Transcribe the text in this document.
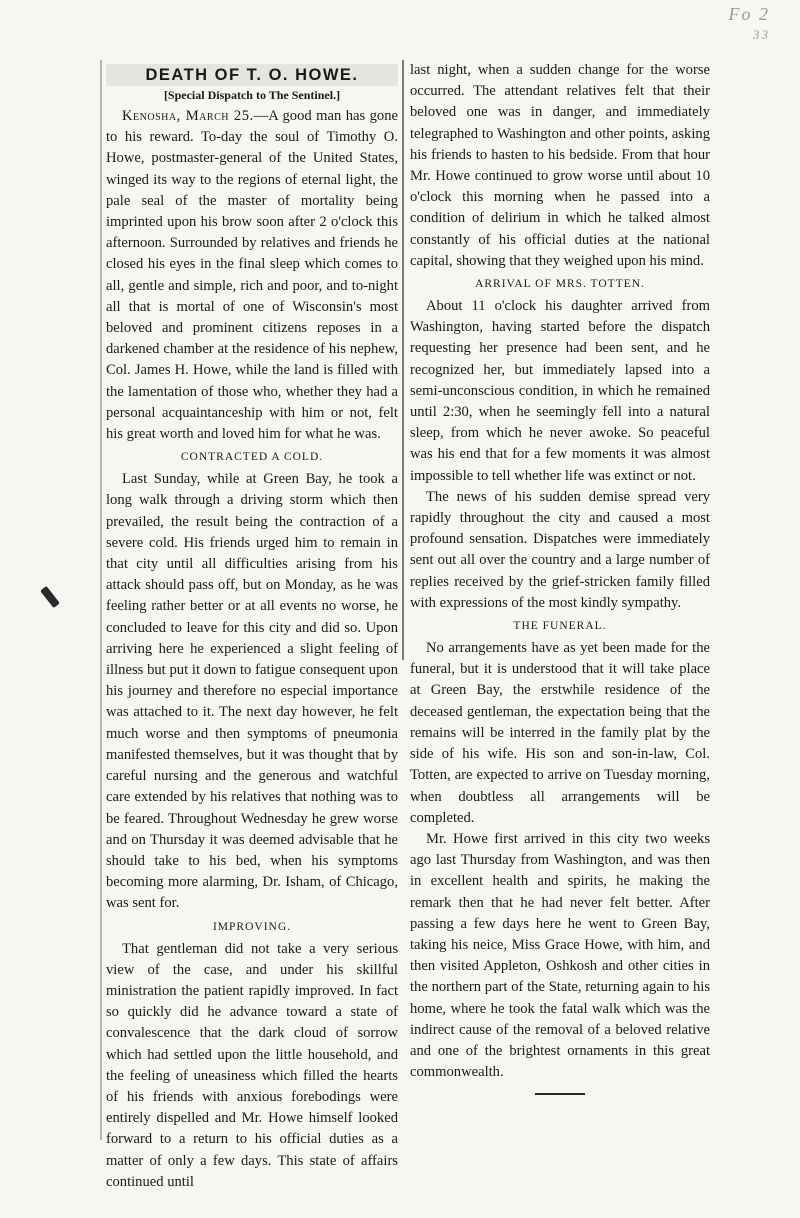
Fo 2
33
DEATH OF T. O. HOWE.
[Special Dispatch to The Sentinel.]

Kenosha, March 25.—A good man has gone to his reward. To-day the soul of Timothy O. Howe, postmaster-general of the United States, winged its way to the regions of eternal light, the pale seal of the master of mortality being imprinted upon his brow soon after 2 o'clock this afternoon. Surrounded by relatives and friends he closed his eyes in the final sleep which comes to all, gentle and simple, rich and poor, and to-night all that is mortal of one of Wisconsin's most beloved and prominent citizens reposes in a darkened chamber at the residence of his nephew, Col. James H. Howe, while the land is filled with the lamentation of those who, whether they had a personal acquaintanceship with him or not, felt his great worth and loved him for what he was.

CONTRACTED A COLD.

Last Sunday, while at Green Bay, he took a long walk through a driving storm which then prevailed, the result being the contraction of a severe cold. His friends urged him to remain in that city until all difficulties arising from his attack should pass off, but on Monday, as he was feeling rather better or at all events no worse, he concluded to leave for this city and did so. Upon arriving here he experienced a slight feeling of illness but put it down to fatigue consequent upon his journey and therefore no especial importance was attached to it. The next day however, he felt much worse and then symptoms of pneumonia manifested themselves, but it was thought that by careful nursing and the generous and watchful care extended by his relatives that nothing was to be feared. Throughout Wednesday he grew worse and on Thursday it was deemed advisable that he should take to his bed, when his symptoms becoming more alarming, Dr. Isham, of Chicago, was sent for.

IMPROVING.

That gentleman did not take a very serious view of the case, and under his skillful ministration the patient rapidly improved. In fact so quickly did he advance toward a state of convalescence that the dark cloud of sorrow which had settled upon the little household, and the feeling of uneasiness which filled the hearts of his friends with anxious forebodings were entirely dispelled and Mr. Howe himself looked forward to a return to his official duties as a matter of only a few days. This state of affairs continued until

last night, when a sudden change for the worse occurred. The attendant relatives felt that their beloved one was in danger, and immediately telegraphed to Washington and other points, asking his friends to hasten to his bedside. From that hour Mr. Howe continued to grow worse until about 10 o'clock this morning when he passed into a condition of delirium in which he talked almost constantly of his official duties at the national capital, showing that they weighed upon his mind.

ARRIVAL OF MRS. TOTTEN.

About 11 o'clock his daughter arrived from Washington, having started before the dispatch requesting her presence had been sent, and he recognized her, but immediately lapsed into a semi-unconscious condition, in which he remained until 2:30, when he seemingly fell into a natural sleep, from which he never awoke. So peaceful was his end that for a few moments it was almost impossible to tell whether life was extinct or not.

The news of his sudden demise spread very rapidly throughout the city and caused a most profound sensation. Dispatches were immediately sent out all over the country and a large number of replies received by the grief-stricken family filled with expressions of the most kindly sympathy.

THE FUNERAL.

No arrangements have as yet been made for the funeral, but it is understood that it will take place at Green Bay, the erstwhile residence of the deceased gentleman, the expectation being that the remains will be interred in the family plat by the side of his wife. His son and son-in-law, Col. Totten, are expected to arrive on Tuesday morning, when doubtless all arrangements will be completed.

Mr. Howe first arrived in this city two weeks ago last Thursday from Washington, and was then in excellent health and spirits, he making the remark then that he had never felt better. After passing a few days here he went to Green Bay, taking his neice, Miss Grace Howe, with him, and then visited Appleton, Oshkosh and other cities in the northern part of the State, returning again to his home, where he took the fatal walk which was the indirect cause of the removal of a beloved relative and one of the brightest ornaments in this great commonwealth.
